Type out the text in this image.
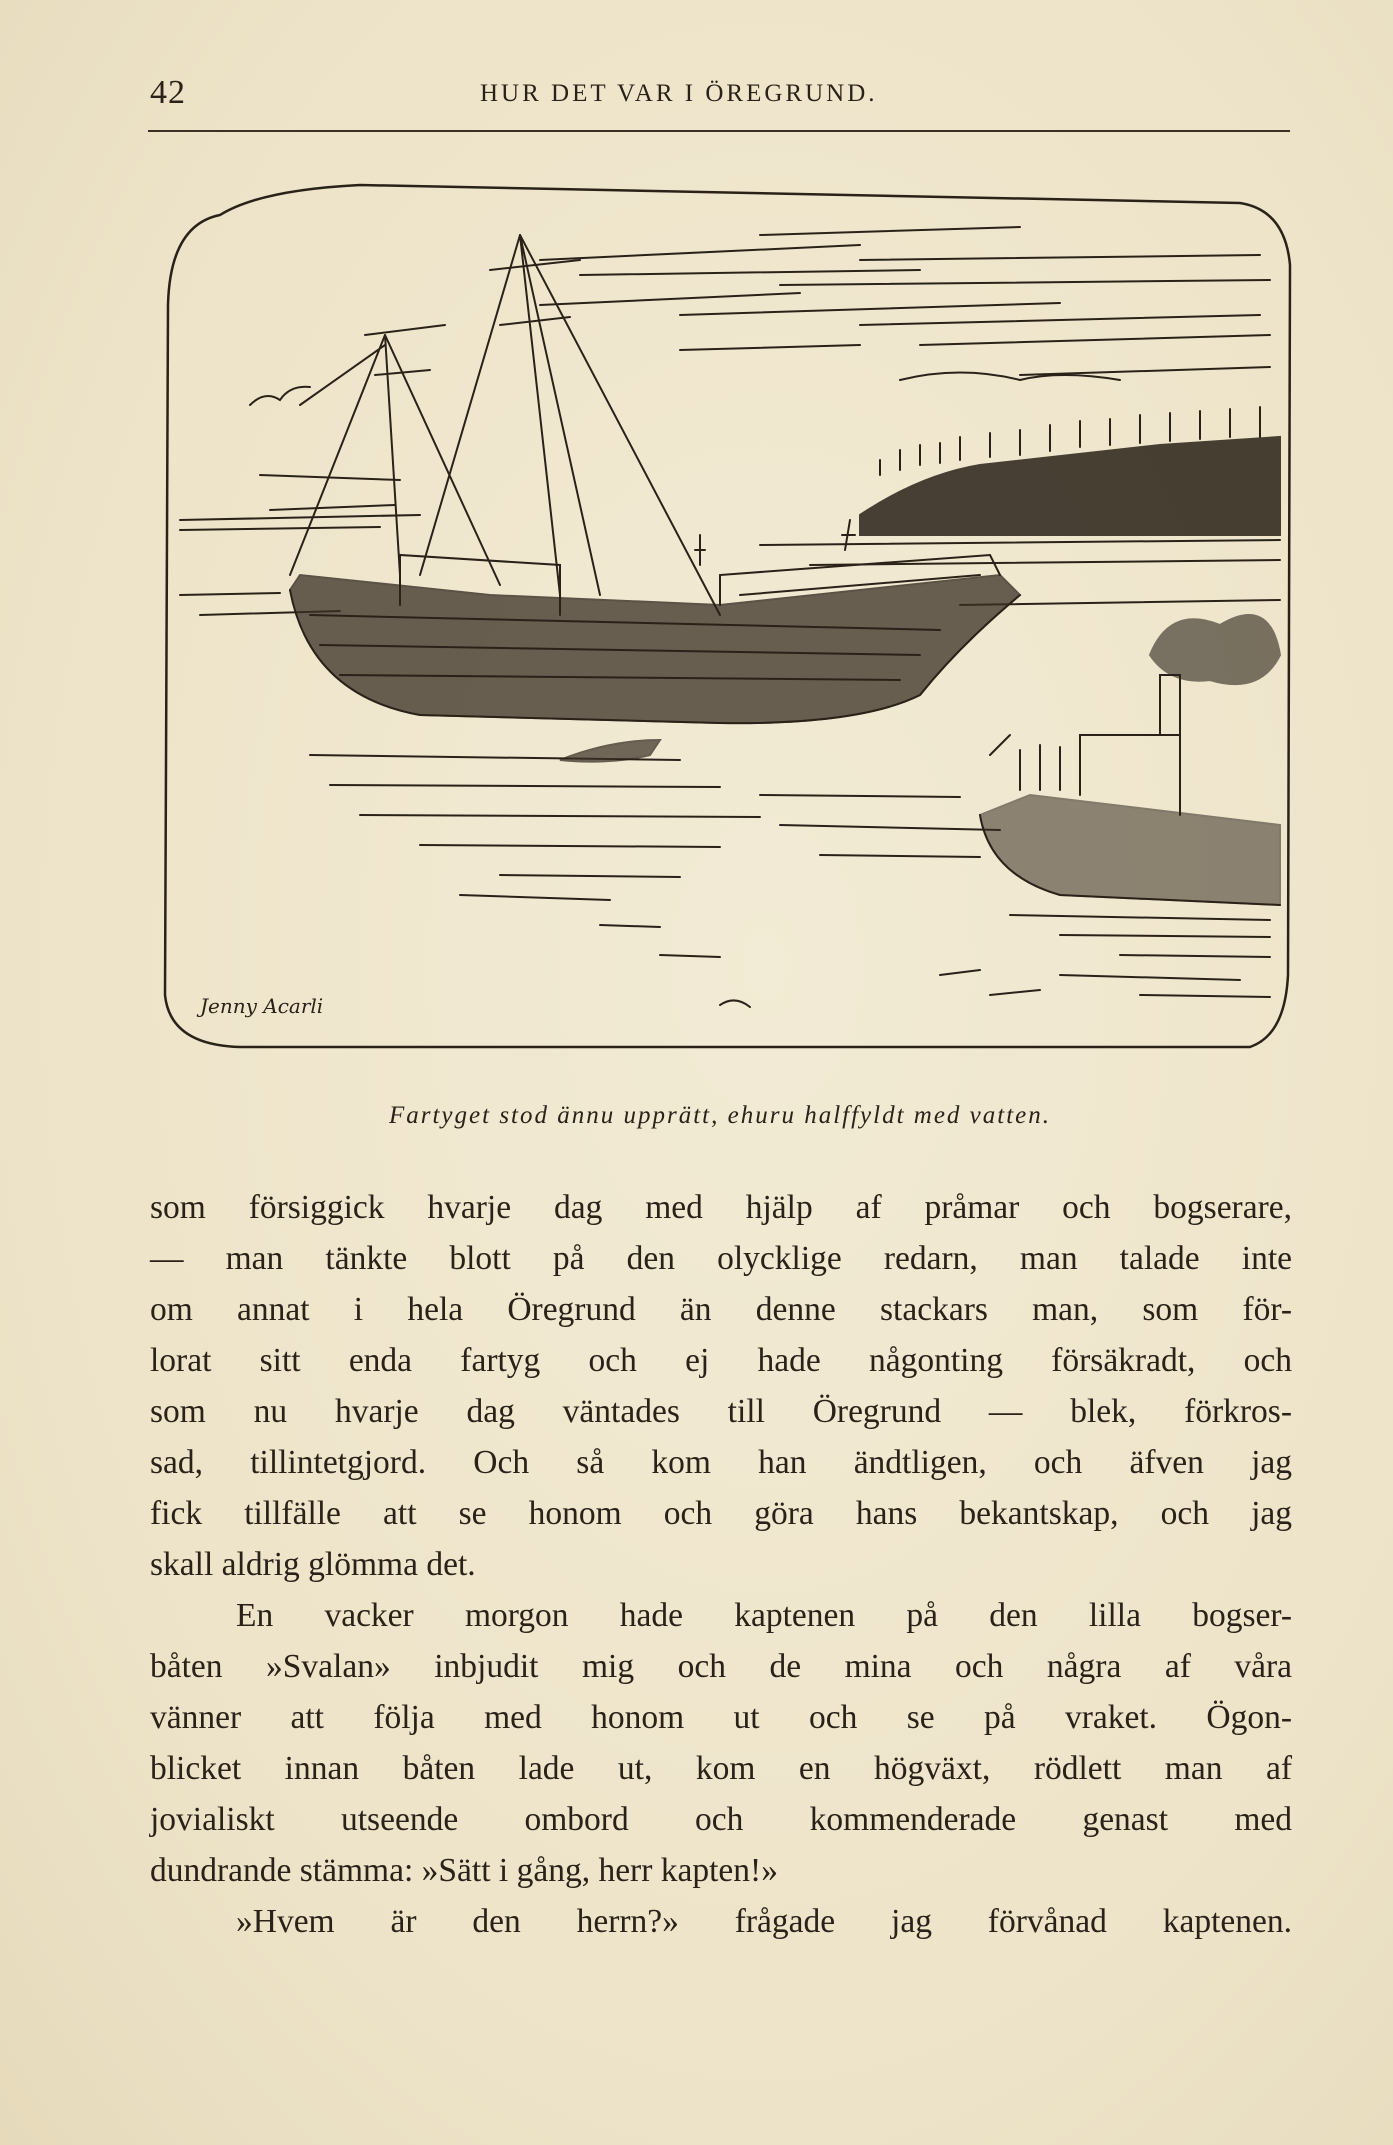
42	HUR DET VAR I ÖREGRUND.
Jenny Acarli
Fartyget stod ännu upprätt, ehuru halffyldt med vatten.
som försiggick hvarje dag med hjälp af pråmar och bogserare,
— man tänkte blott på den olycklige redarn, man talade inte
om annat i hela Öregrund än denne stackars man, som för-
lorat sitt enda fartyg och ej hade någonting försäkradt, och
som nu hvarje dag väntades till Öregrund — blek, förkros-
sad, tillintetgjord. Och så kom han ändtligen, och äfven jag
fick tillfälle att se honom och göra hans bekantskap, och jag
skall aldrig glömma det.
En vacker morgon hade kaptenen på den lilla bogser-
båten »Svalan» inbjudit mig och de mina och några af våra
vänner att följa med honom ut och se på vraket. Ögon-
blicket innan båten lade ut, kom en högväxt, rödlett man af
jovialiskt utseende ombord och kommenderade genast med
dundrande stämma: »Sätt i gång, herr kapten!»
»Hvem är den herrn?» frågade jag förvånad kaptenen.
